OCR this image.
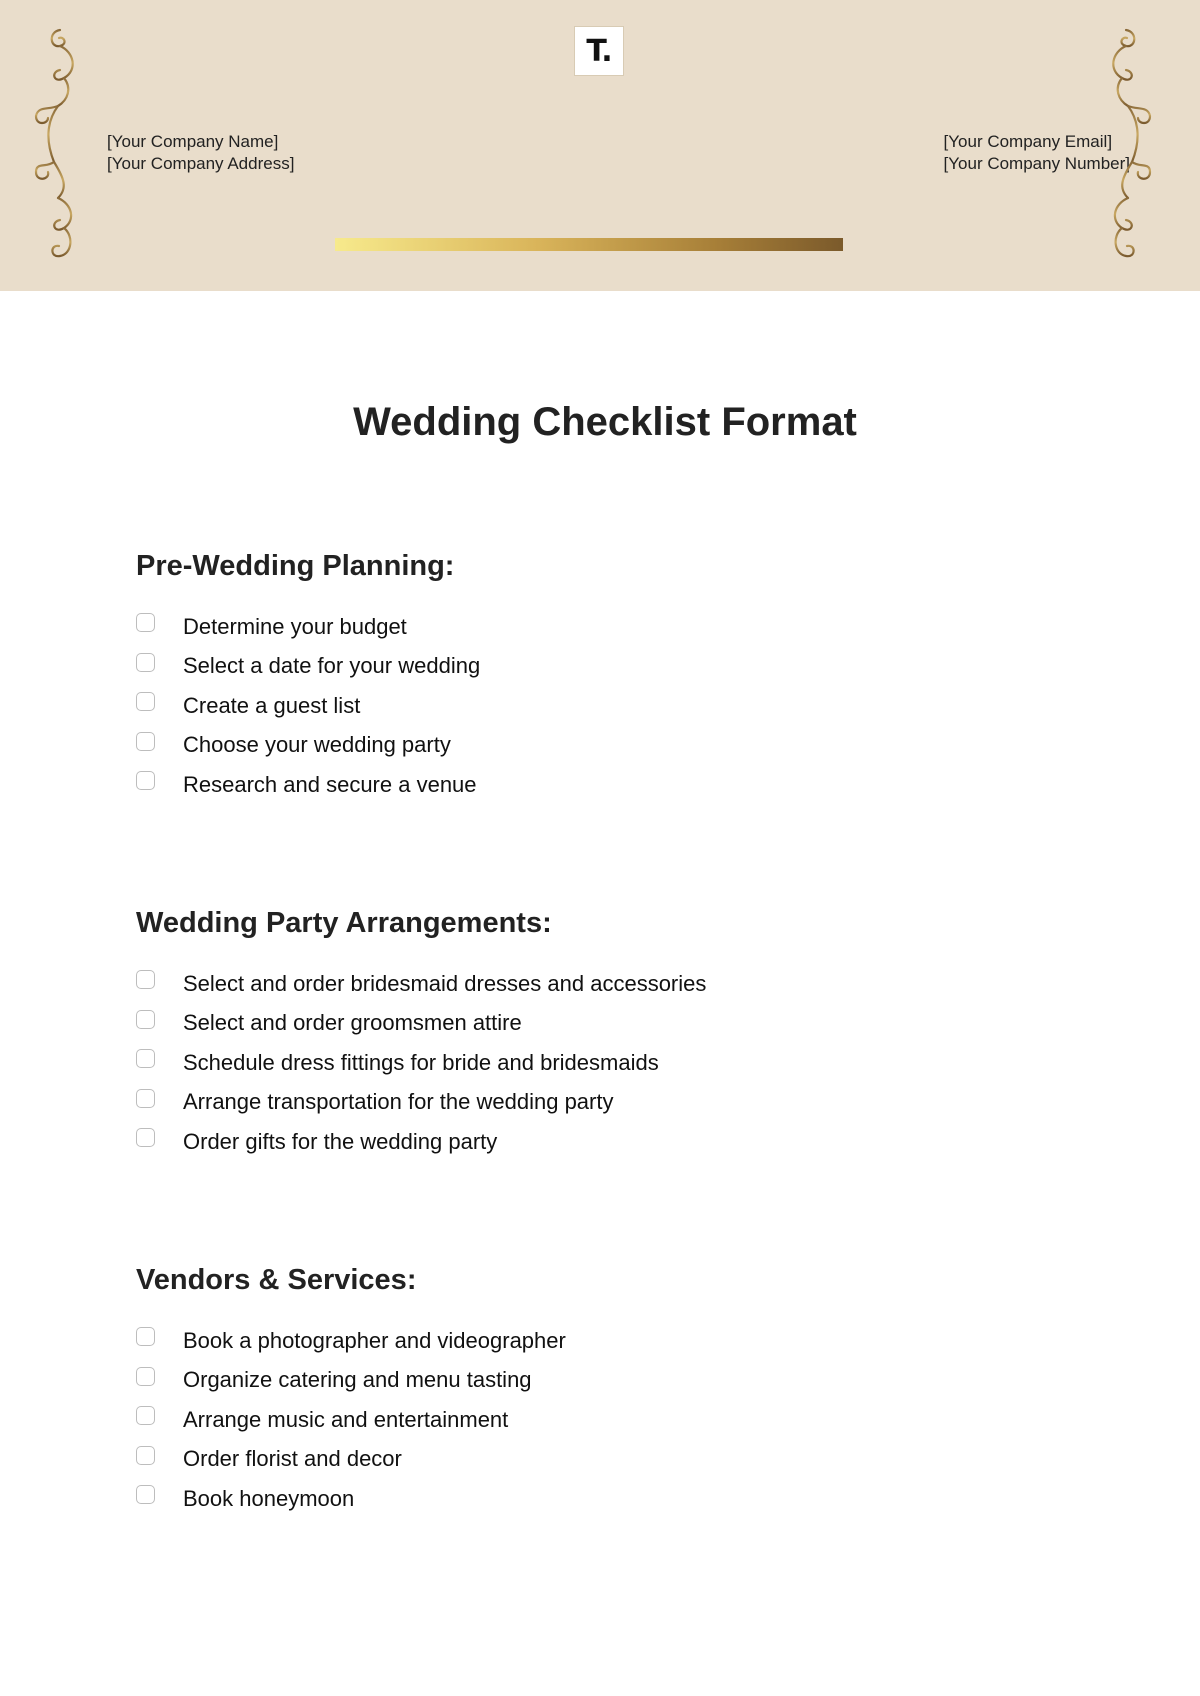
T.
[Your Company Name]
[Your Company Address]
[Your Company Email]
[Your Company Number]
Wedding Checklist Format
Pre-Wedding Planning:
Determine your budget
Select a date for your wedding
Create a guest list
Choose your wedding party
Research and secure a venue
Wedding Party Arrangements:
Select and order bridesmaid dresses and accessories
Select and order groomsmen attire
Schedule dress fittings for bride and bridesmaids
Arrange transportation for the wedding party
Order gifts for the wedding party
Vendors & Services:
Book a photographer and videographer
Organize catering and menu tasting
Arrange music and entertainment
Order florist and decor
Book honeymoon
